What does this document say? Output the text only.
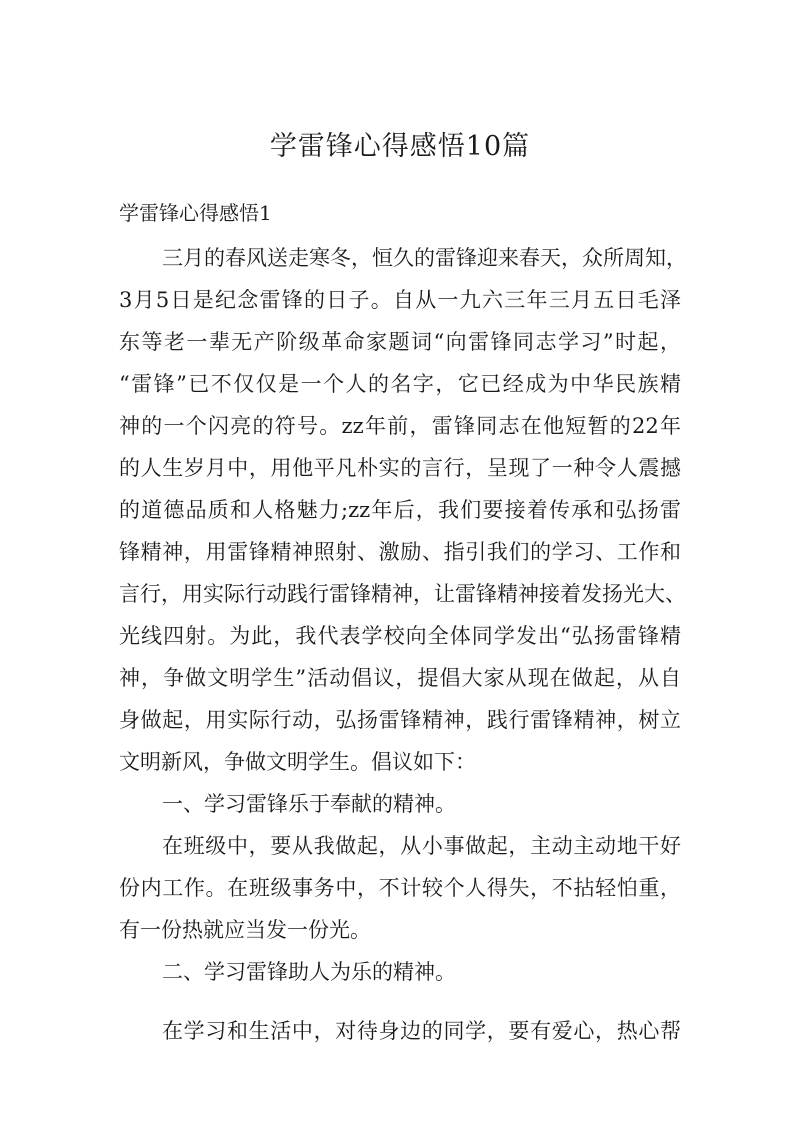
学雷锋心得感悟10篇
学雷锋心得感悟1
三月的春风送走寒冬，恒久的雷锋迎来春天，众所周知，
3月5日是纪念雷锋的日子。自从一九六三年三月五日毛泽
东等老一辈无产阶级革命家题词“向雷锋同志学习”时起，
“雷锋”已不仅仅是一个人的名字，它已经成为中华民族精
神的一个闪亮的符号。zz年前，雷锋同志在他短暂的22年
的人生岁月中，用他平凡朴实的言行，呈现了一种令人震撼
的道德品质和人格魅力;zz年后，我们要接着传承和弘扬雷
锋精神，用雷锋精神照射、激励、指引我们的学习、工作和
言行，用实际行动践行雷锋精神，让雷锋精神接着发扬光大、
光线四射。为此，我代表学校向全体同学发出“弘扬雷锋精
神，争做文明学生”活动倡议，提倡大家从现在做起，从自
身做起，用实际行动，弘扬雷锋精神，践行雷锋精神，树立
文明新风，争做文明学生。倡议如下：
一、学习雷锋乐于奉献的精神。
在班级中，要从我做起，从小事做起，主动主动地干好
份内工作。在班级事务中，不计较个人得失，不拈轻怕重，
有一份热就应当发一份光。
二、学习雷锋助人为乐的精神。
在学习和生活中，对待身边的同学，要有爱心，热心帮
